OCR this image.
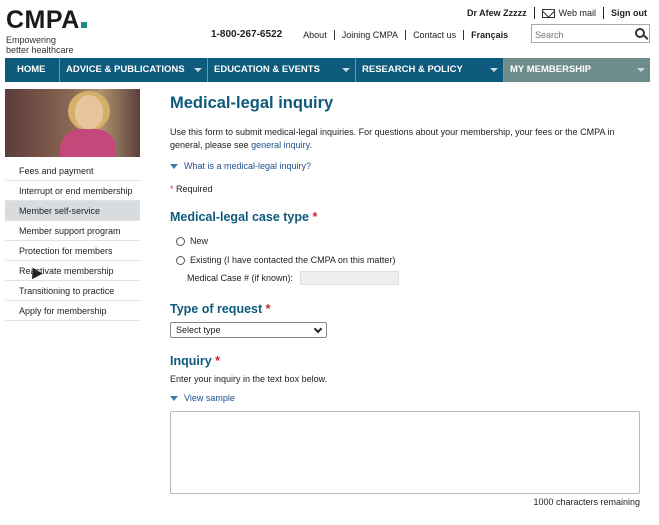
CMPA
Empowering
better healthcare
Dr Afew Zzzzz	Web mail Sign out
1-800-267-6522	About	Joining CMPA	Contact us	Français
Search
HOME	ADVICE & PUBLICATIONS	EDUCATION & EVENTS	RESEARCH & POLICY	MY MEMBERSHIP
Fees and payment
Interrupt or end membership
Member self-service
Member support program
Protection for members
Reactivate membership
Transitioning to practice
Apply for membership
Medical-legal inquiry
Use this form to submit medical-legal inquiries. For questions about your membership, your fees or the CMPA in general, please see general inquiry.
What is a medical-legal inquiry?
* Required
Medical-legal case type *
New
Existing (I have contacted the CMPA on this matter)
Medical Case # (if known):
Type of request *
Select type
Inquiry *
Enter your inquiry in the text box below.
View sample
1000 characters remaining
